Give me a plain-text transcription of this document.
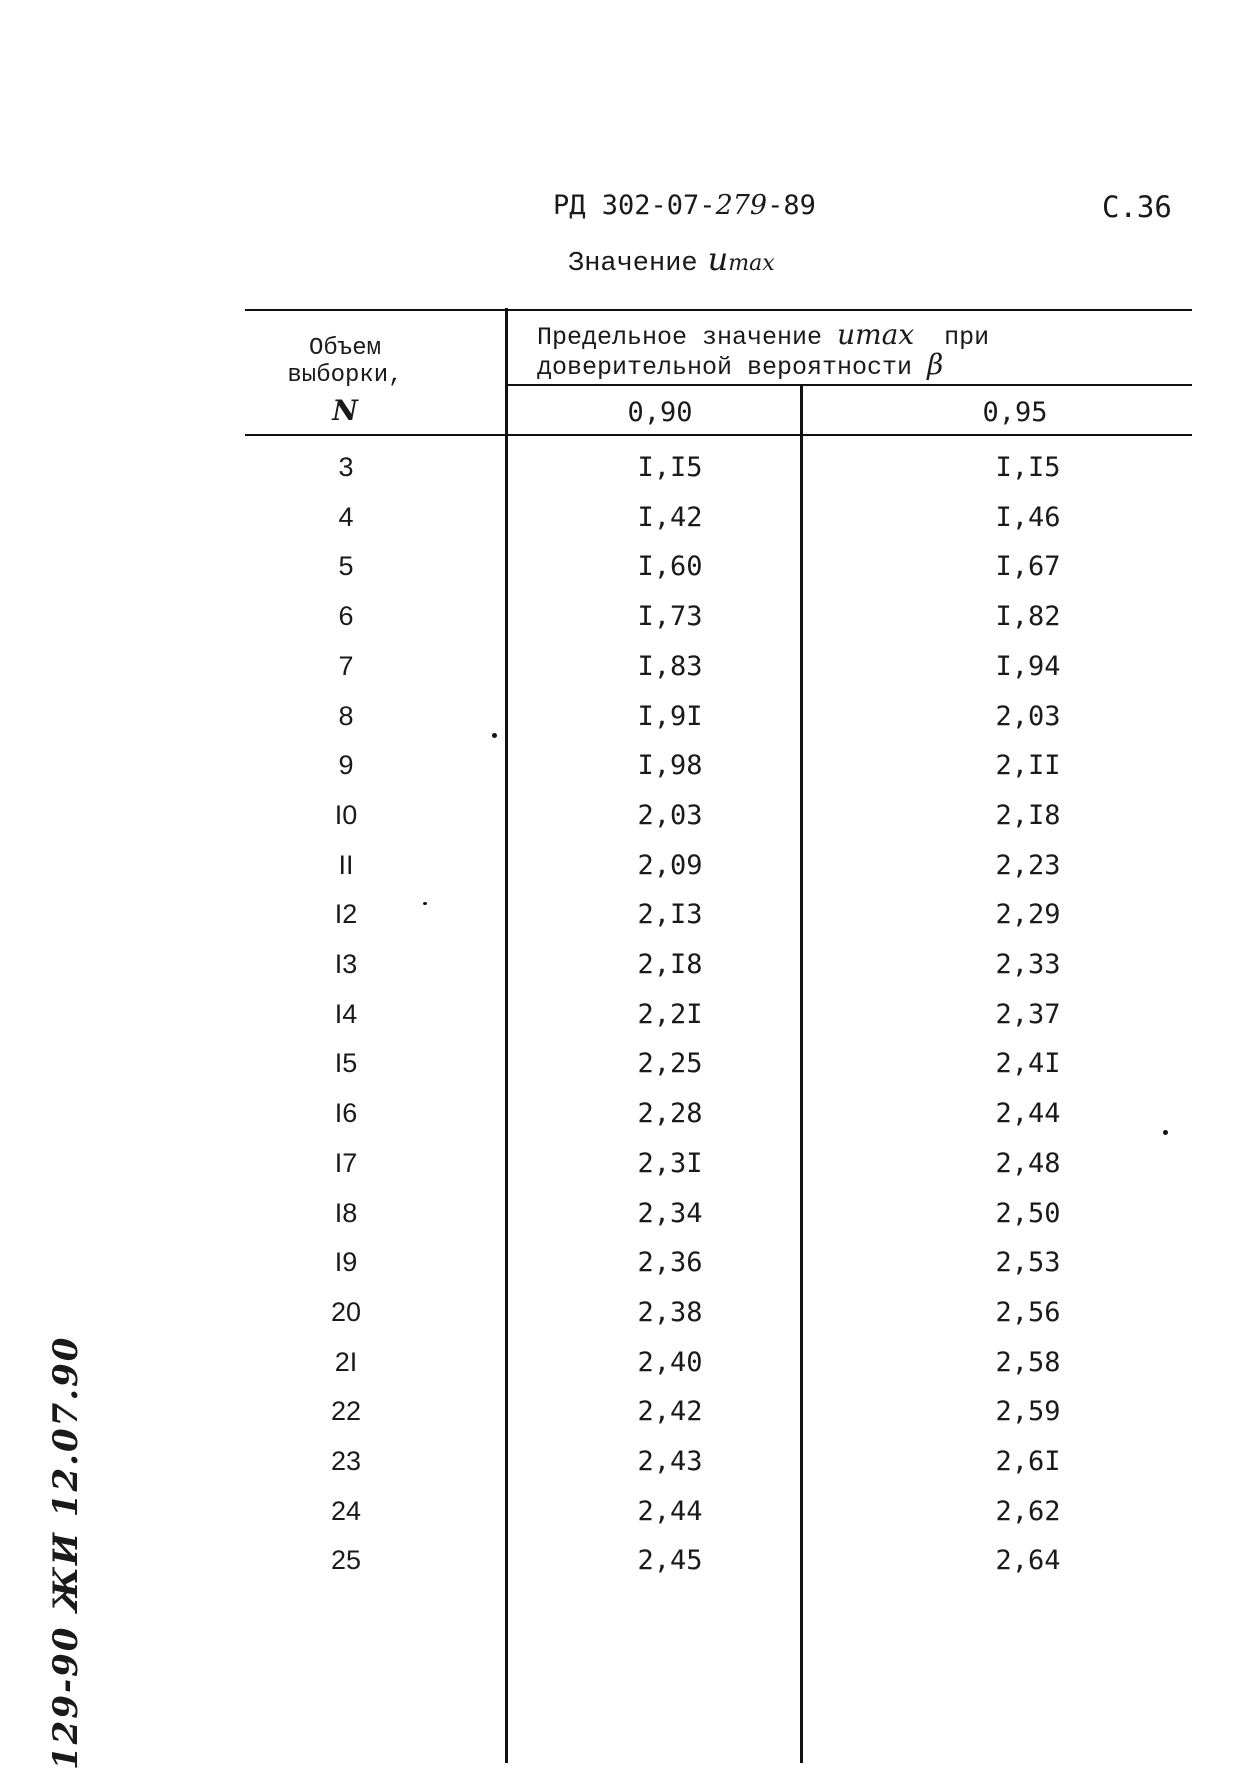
РД 302-07-279-89	С.36
Значение umax
Объем
выборки,
N
Предельное значение umax  при
доверительной вероятности β
0,90	0,95
3	I,I5	I,I5
4	I,42	I,46
5	I,60	I,67
6	I,73	I,82
7	I,83	I,94
8	I,9I	2,03
9	I,98	2,II
I0	2,03	2,I8
II	2,09	2,23
I2	2,I3	2,29
I3	2,I8	2,33
I4	2,2I	2,37
I5	2,25	2,4I
I6	2,28	2,44
I7	2,3I	2,48
I8	2,34	2,50
I9	2,36	2,53
20	2,38	2,56
2I	2,40	2,58
22	2,42	2,59
23	2,43	2,6I
24	2,44	2,62
25	2,45	2,64
129-90 ЖИ 12.07.90
